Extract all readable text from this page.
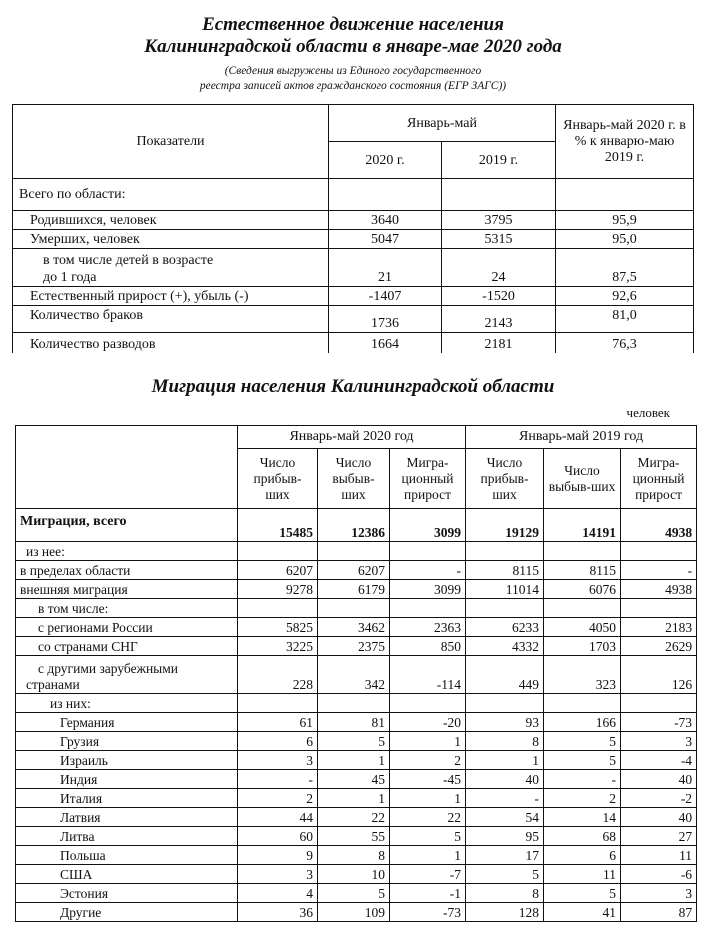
Естественное движение населения
Калининградской области в январе-мае 2020 года
(Сведения выгружены из Единого государственного
реестра записей актов гражданского состояния (ЕГР ЗАГС))
Показатели	Январь-май		Январь-май 2020 г. в % к январю-маю 2019 г.
	2020 г.	2019 г.	
Всего по области:			
Родившихся, человек	3640	3795	95,9
Умерших, человек	5047	5315	95,0

в том числе детей в возрасте
до 1 года	21	24	87,5
Естественный прирост (+), убыль (-)	-1407	-1520	92,6
Количество браков	1736	2143	81,0
Количество разводов	1664	2181	76,3
Миграция населения Калининградской области
человек
	Январь-май 2020 год			Январь-май 2019 год		
	Число прибыв-ших	Число выбыв-ших	Мигра-ционный прирост	Число прибыв-ших	Число выбыв-ших	Мигра-ционный прирост
Миграция, всего	15485	12386	3099	19129	14191	4938
из нее:						
в пределах области	6207	6207	-	8115	8115	-
внешняя миграция	9278	6179	3099	11014	6076	4938
в том числе:						
с регионами России	5825	3462	2363	6233	4050	2183
со странами СНГ	3225	2375	850	4332	1703	2629

с другими зарубежными
странами	228	342	-114	449	323	126
из них:						
Германия	61	81	-20	93	166	-73
Грузия	6	5	1	8	5	3
Израиль	3	1	2	1	5	-4
Индия	-	45	-45	40	-	40
Италия	2	1	1	-	2	-2
Латвия	44	22	22	54	14	40
Литва	60	55	5	95	68	27
Польша	9	8	1	17	6	11
США	3	10	-7	5	11	-6
Эстония	4	5	-1	8	5	3
Другие	36	109	-73	128	41	87
